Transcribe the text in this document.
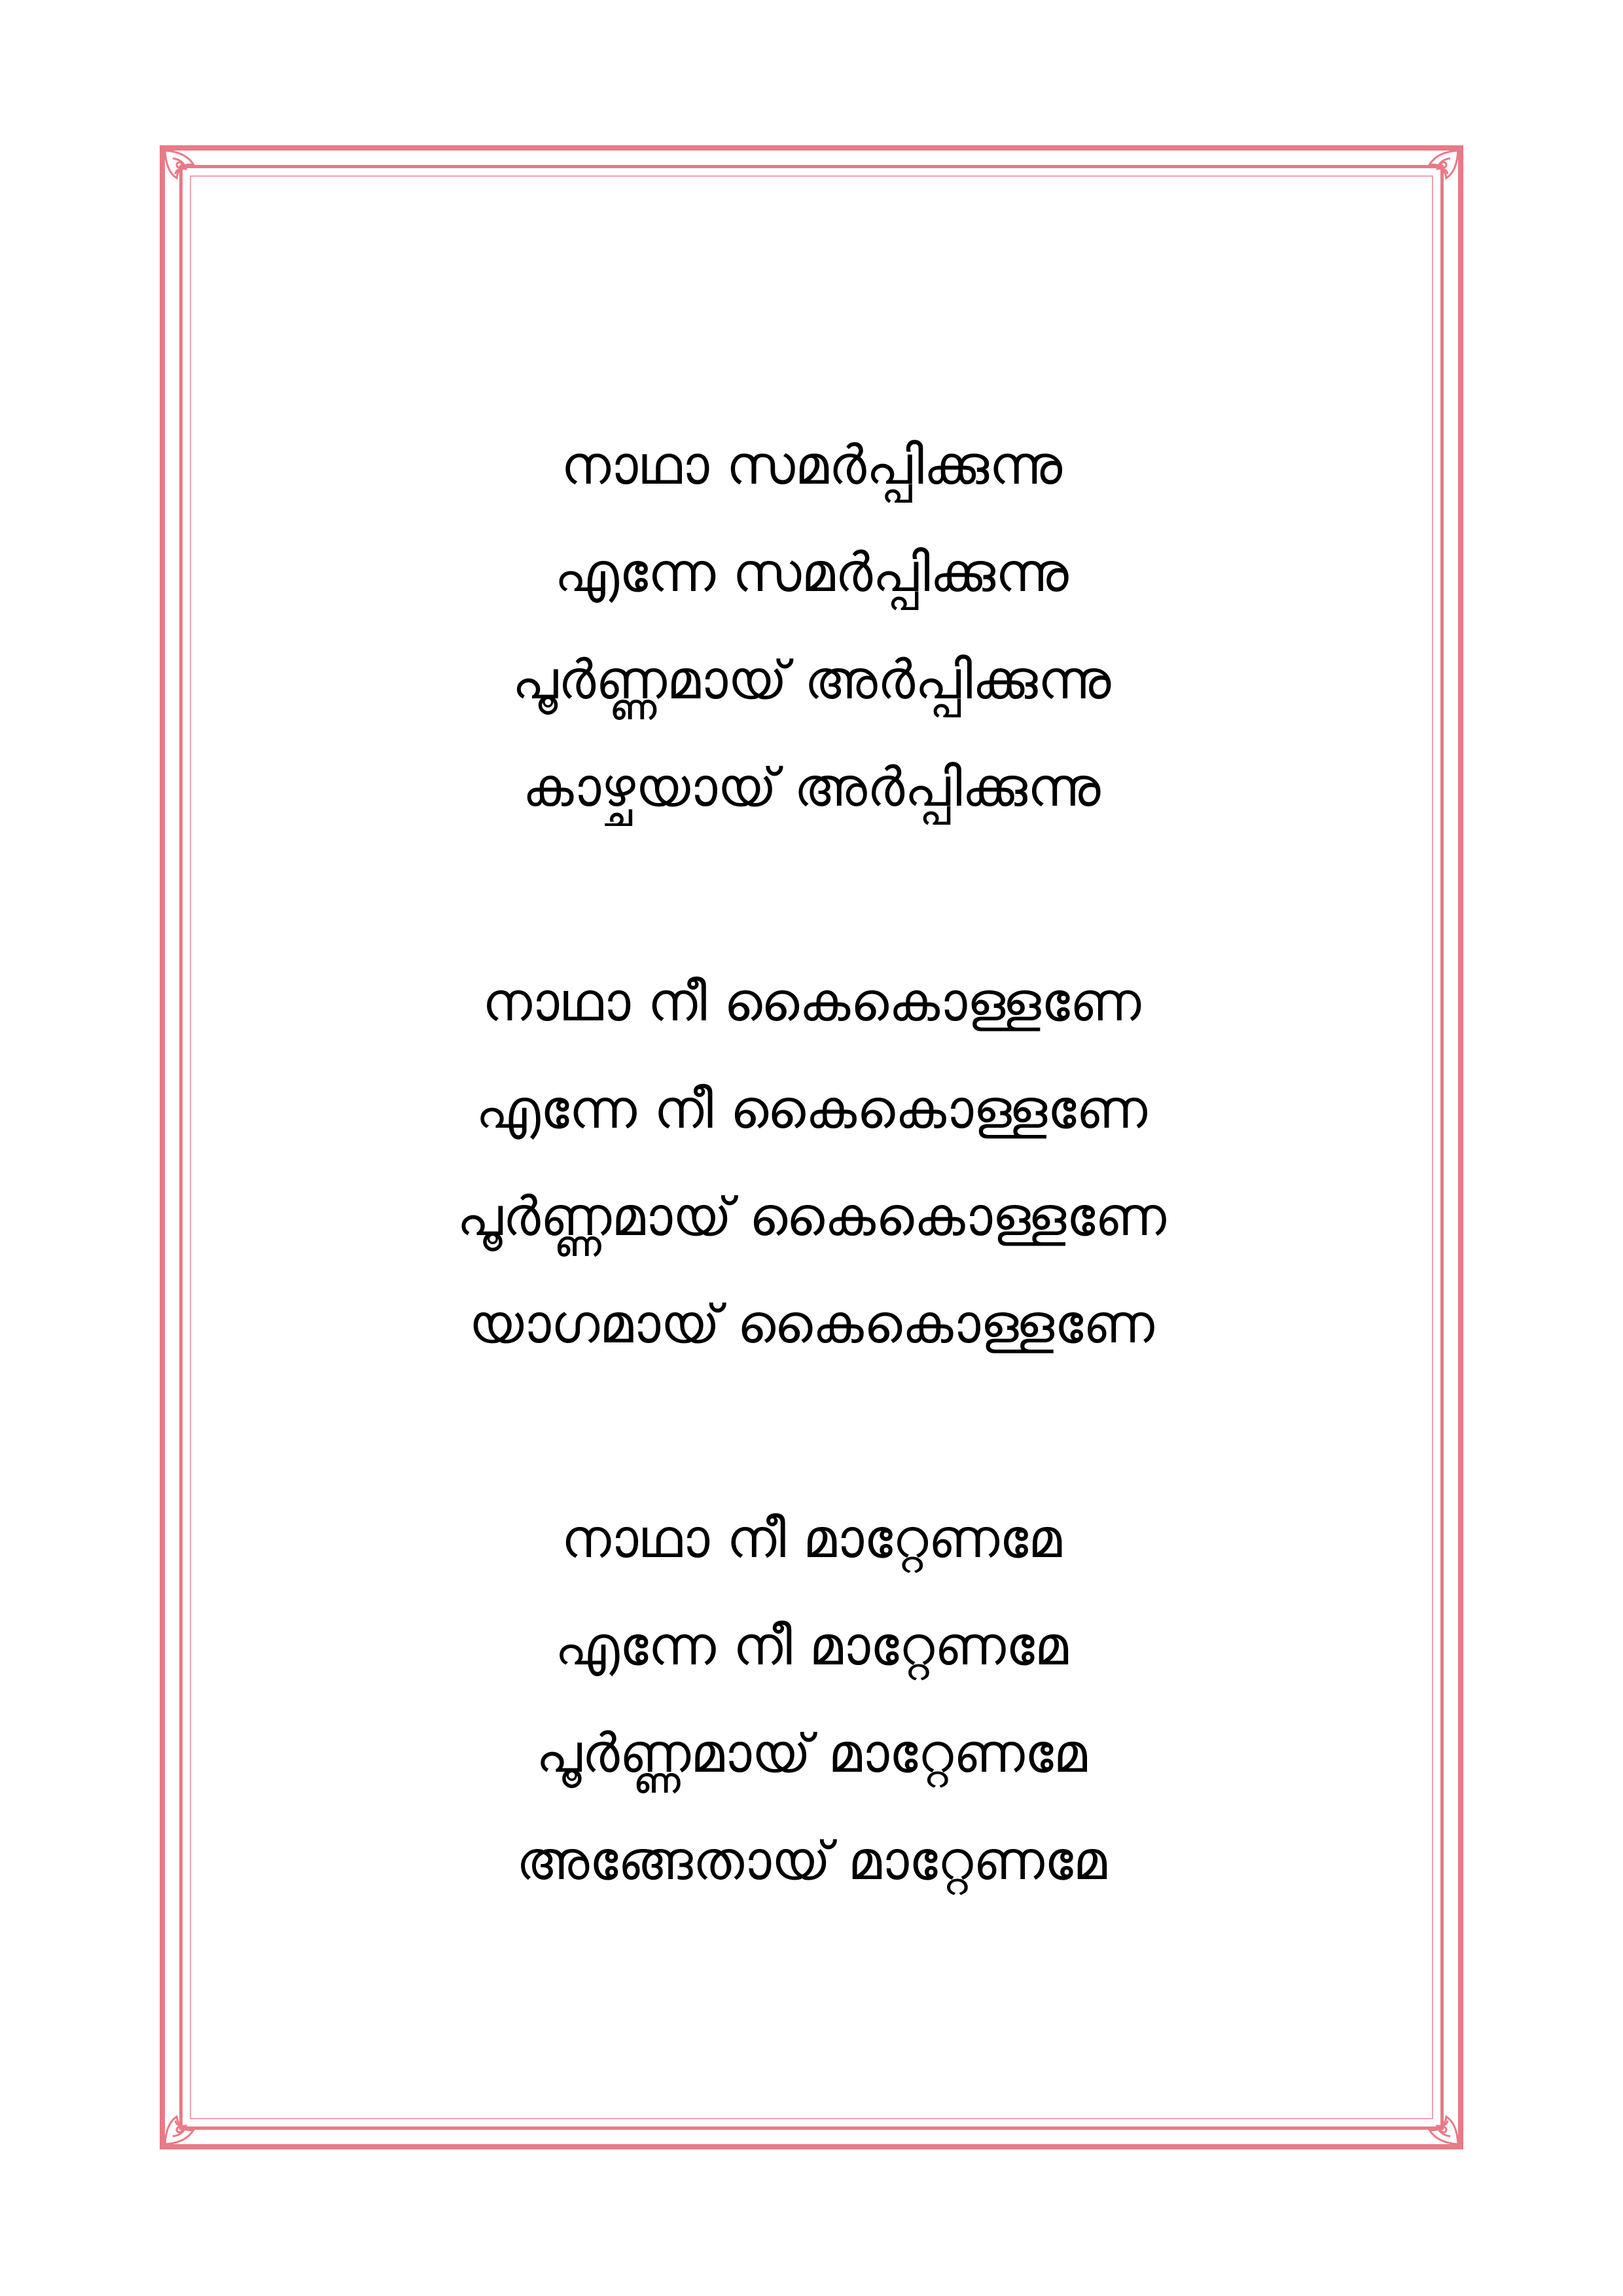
നാഥാ സമർപ്പിക്കുന്നു
എന്നേ സമർപ്പിക്കുന്നു
പൂർണ്ണമായ് അർപ്പിക്കുന്നു
കാഴ്ചയായ് അർപ്പിക്കുന്നു
നാഥാ നീ കൈകൊള്ളണേ
എന്നേ നീ കൈകൊള്ളണേ
പൂർണ്ണമായ് കൈകൊള്ളണേ
യാഗമായ് കൈകൊള്ളണേ
നാഥാ നീ മാറ്റേണമേ
എന്നേ നീ മാറ്റേണമേ
പൂർണ്ണമായ് മാറ്റേണമേ
അങ്ങേതായ് മാറ്റേണമേ
